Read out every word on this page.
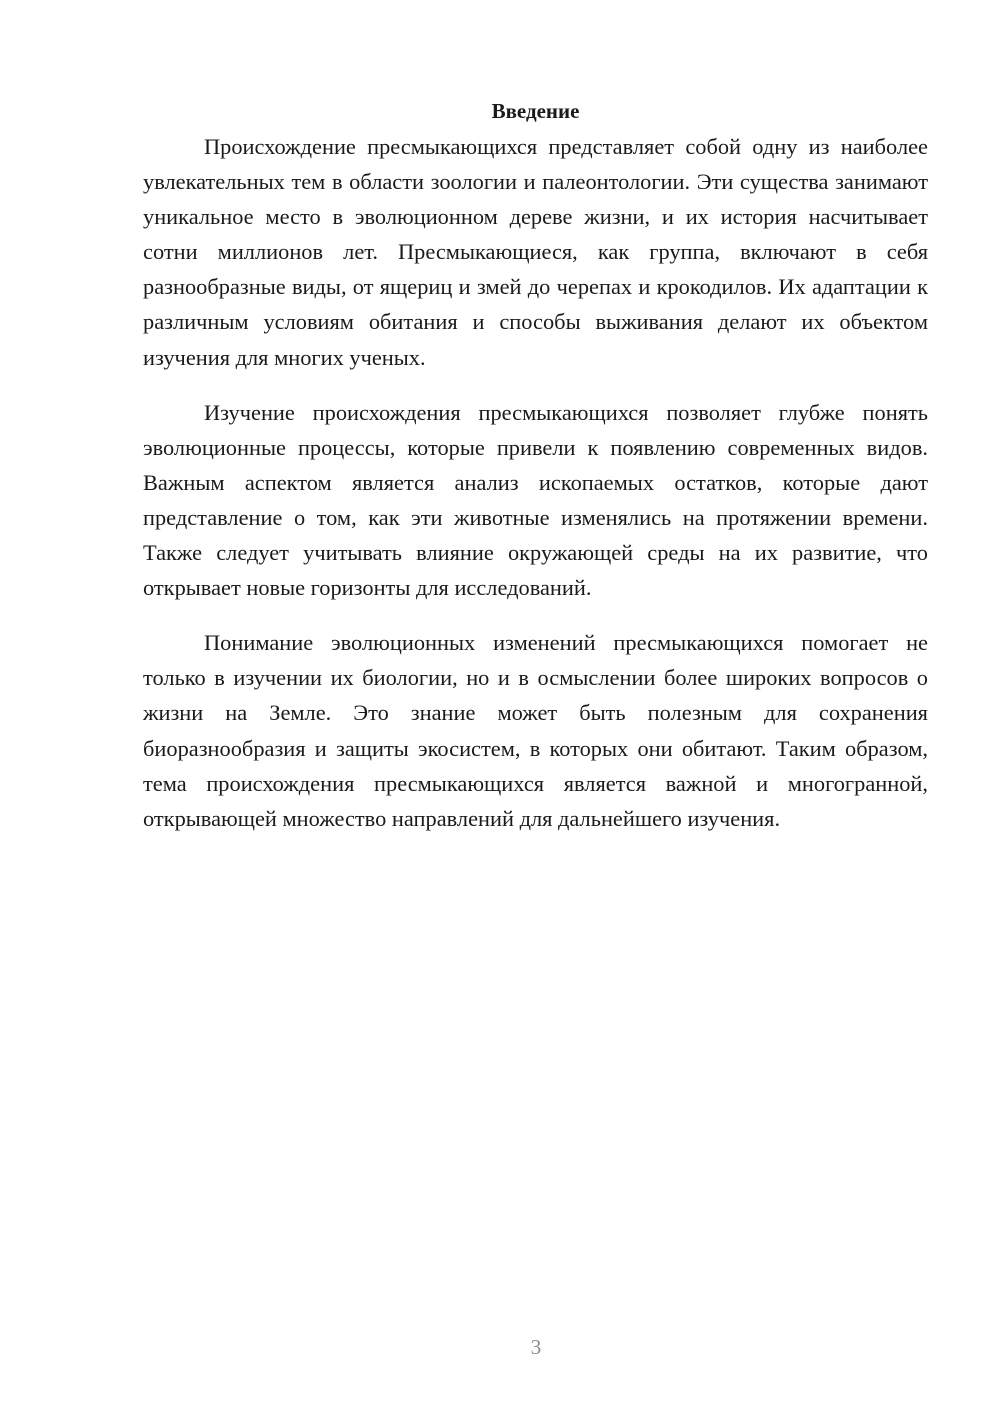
Введение

Происхождение пресмыкающихся представляет собой одну из наиболее увлекательных тем в области зоологии и палеонтологии. Эти существа занимают уникальное место в эволюционном дереве жизни, и их история насчитывает сотни миллионов лет. Пресмыкающиеся, как группа, включают в себя разнообразные виды, от ящериц и змей до черепах и крокодилов. Их адаптации к различным условиям обитания и способы выживания делают их объектом изучения для многих ученых.

Изучение происхождения пресмыкающихся позволяет глубже понять эволюционные процессы, которые привели к появлению современных видов. Важным аспектом является анализ ископаемых остатков, которые дают представление о том, как эти животные изменялись на протяжении времени. Также следует учитывать влияние окружающей среды на их развитие, что открывает новые горизонты для исследований.

Понимание эволюционных изменений пресмыкающихся помогает не только в изучении их биологии, но и в осмыслении более широких вопросов о жизни на Земле. Это знание может быть полезным для сохранения биоразнообразия и защиты экосистем, в которых они обитают. Таким образом, тема происхождения пресмыкающихся является важной и многогранной, открывающей множество направлений для дальнейшего изучения.

3
